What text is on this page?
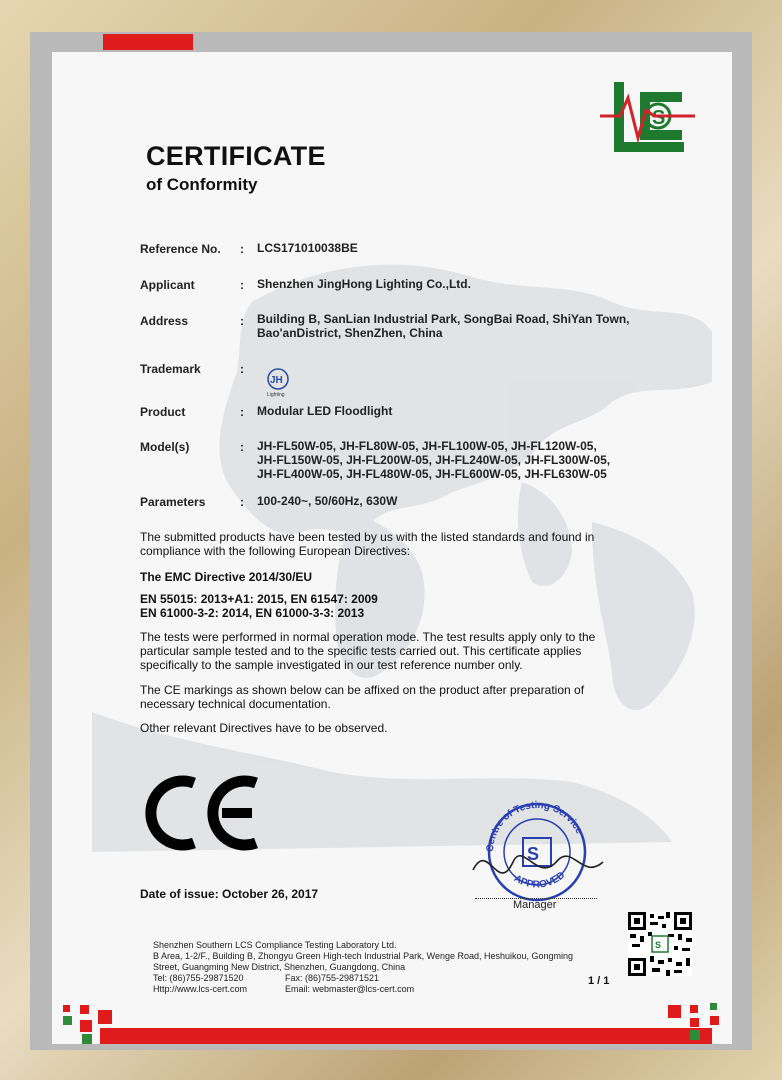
S
CERTIFICATE
of Conformity
Reference No. : LCS171010038BE
Applicant	: Shenzhen JingHong Lighting Co.,Ltd.
Address	: Building B, SanLian Industrial Park, SongBai Road, ShiYan Town,
Bao'anDistrict, ShenZhen, China
Trademark	:
JH
Lighting
Product	: Modular LED Floodlight
Model(s)	: JH-FL50W-05, JH-FL80W-05, JH-FL100W-05, JH-FL120W-05,
JH-FL150W-05, JH-FL200W-05, JH-FL240W-05, JH-FL300W-05,
JH-FL400W-05, JH-FL480W-05, JH-FL600W-05, JH-FL630W-05
Parameters	: 100-240~, 50/60Hz, 630W
The submitted products have been tested by us with the listed standards and found in
compliance with the following European Directives:
The EMC Directive 2014/30/EU
EN 55015: 2013+A1: 2015, EN 61547: 2009
EN 61000-3-2: 2014, EN 61000-3-3: 2013
The tests were performed in normal operation mode. The test results apply only to the
particular sample tested and to the specific tests carried out. This certificate applies
specifically to the sample investigated in our test reference number only.
The CE markings as shown below can be affixed on the product after preparation of
necessary technical documentation.
Other relevant Directives have to be observed.
Centre of Testing Service
APPROVED
S
Manager
Date of issue: October 26, 2017
Shenzhen Southern LCS Compliance Testing Laboratory Ltd.
B Area, 1-2/F., Building B, Zhongyu Green High-tech Industrial Park, Wenge Road, Heshuikou, Gongming
Street, Guangming New District, Shenzhen, Guangdong, China
Tel: (86)755-29871520	Fax: (86)755-29871521
Http://www.lcs-cert.com	Email: webmaster@lcs-cert.com
1 / 1
S
